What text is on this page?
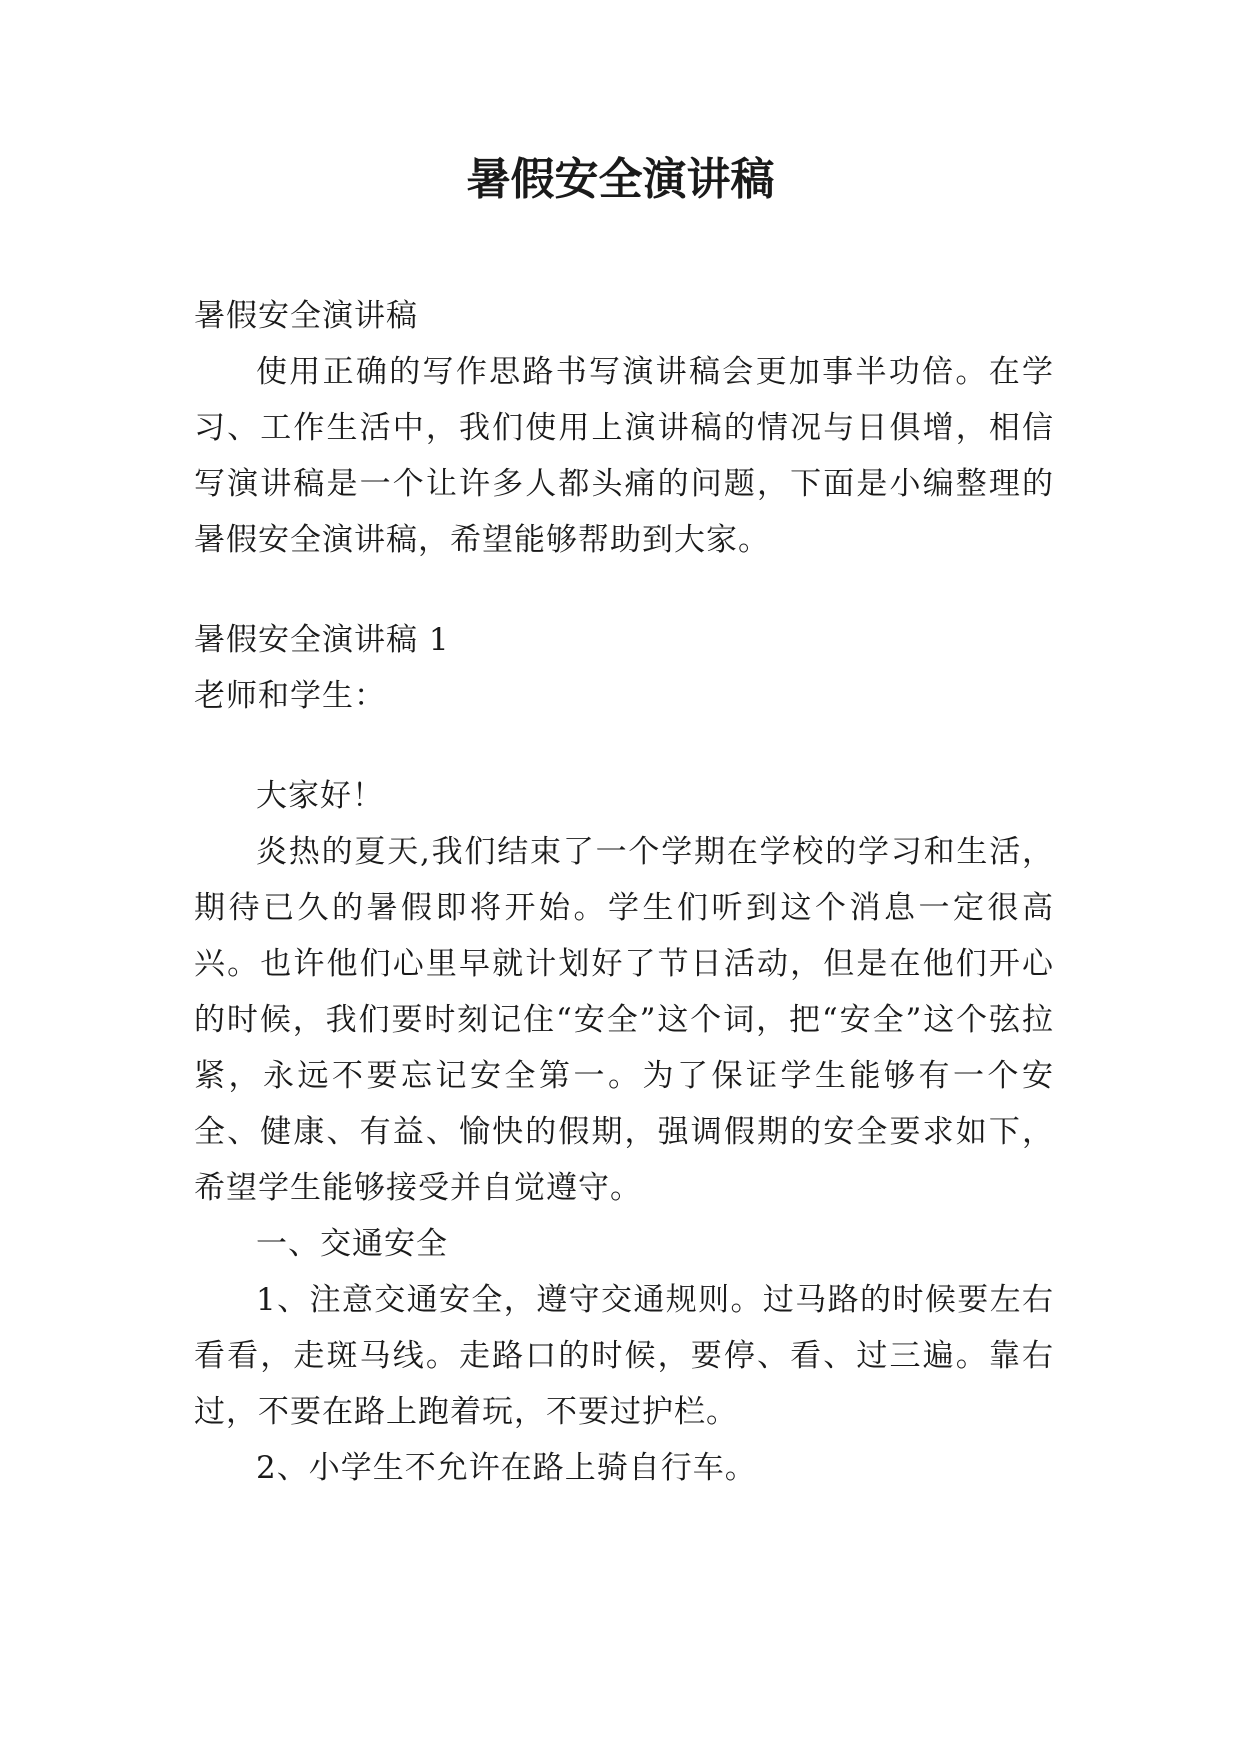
暑假安全演讲稿

暑假安全演讲稿

使用正确的写作思路书写演讲稿会更加事半功倍。在学习、工作生活中，我们使用上演讲稿的情况与日俱增，相信写演讲稿是一个让许多人都头痛的问题，下面是小编整理的暑假安全演讲稿，希望能够帮助到大家。

暑假安全演讲稿 1

老师和学生：

大家好！

炎热的夏天,我们结束了一个学期在学校的学习和生活，期待已久的暑假即将开始。学生们听到这个消息一定很高兴。也许他们心里早就计划好了节日活动，但是在他们开心的时候，我们要时刻记住“安全”这个词，把“安全”这个弦拉紧，永远不要忘记安全第一。为了保证学生能够有一个安全、健康、有益、愉快的假期，强调假期的安全要求如下，希望学生能够接受并自觉遵守。

一、交通安全

1、注意交通安全，遵守交通规则。过马路的时候要左右看看，走斑马线。走路口的时候，要停、看、过三遍。靠右过，不要在路上跑着玩，不要过护栏。

2、小学生不允许在路上骑自行车。
